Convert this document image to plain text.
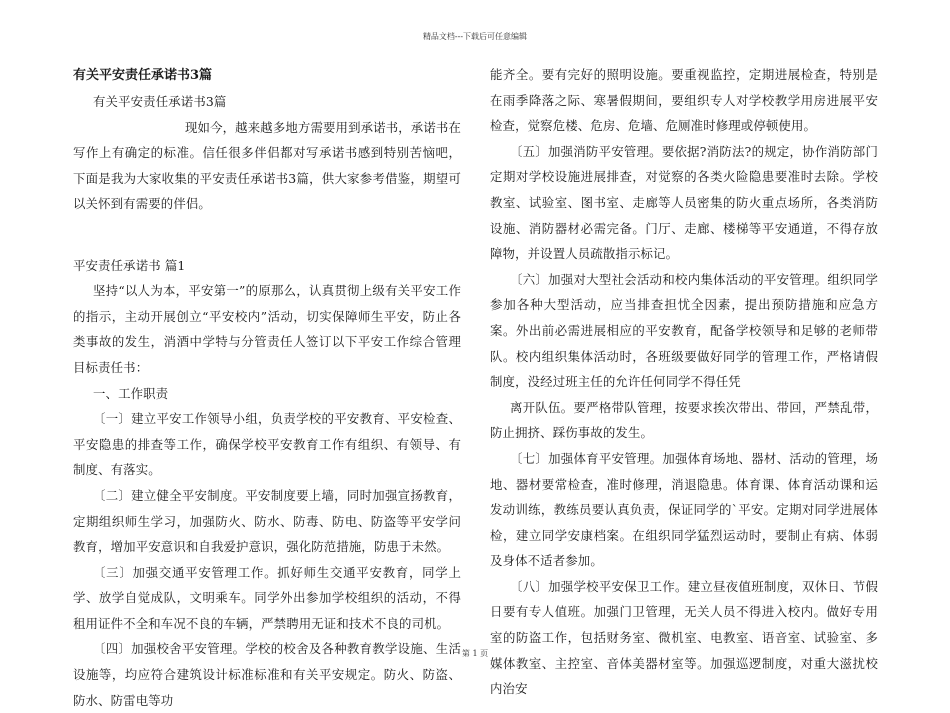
精品文档---下载后可任意编辑

有关平安责任承诺书3篇

有关平安责任承诺书3篇

现如今，越来越多地方需要用到承诺书，承诺书在写作上有确定的标准。信任很多伴侣都对写承诺书感到特别苦恼吧，下面是我为大家收集的平安责任承诺书3篇，供大家参考借鉴，期望可以关怀到有需要的伴侣。

平安责任承诺书 篇1

坚持“以人为本，平安第一”的原那么，认真贯彻上级有关平安工作的指示，主动开展创立“平安校内”活动，切实保障师生平安，防止各类事故的发生，消酒中学特与分管责任人签订以下平安工作综合管理目标责任书：

一、工作职责

〔一〕建立平安工作领导小组，负责学校的平安教育、平安检查、平安隐患的排查等工作，确保学校平安教育工作有组织、有领导、有制度、有落实。

〔二〕建立健全平安制度。平安制度要上墙，同时加强宣扬教育，定期组织师生学习，加强防火、防水、防毒、防电、防盗等平安学问教育，增加平安意识和自我爱护意识，强化防范措施，防患于未然。

〔三〕加强交通平安管理工作。抓好师生交通平安教育，同学上学、放学自觉成队，文明乘车。同学外出参加学校组织的活动，不得租用证件不全和车况不良的车辆，严禁聘用无证和技术不良的司机。

〔四〕加强校舍平安管理。学校的校舍及各种教育教学设施、生活设施等，均应符合建筑设计标准标准和有关平安规定。防火、防盗、防水、防雷电等功

能齐全。要有完好的照明设施。要重视监控，定期进展检查，特别是在雨季降落之际、寒暑假期间，要组织专人对学校教学用房进展平安检查，觉察危楼、危房、危墙、危厕准时修理或停顿使用。

〔五〕加强消防平安管理。要依据?消防法?的规定，协作消防部门定期对学校设施进展排查，对觉察的各类火险隐患要准时去除。学校教室、试验室、图书室、走廊等人员密集的防火重点场所，各类消防设施、消防器材必需完备。门厅、走廊、楼梯等平安通道，不得存放障物，并设置人员疏散指示标记。

〔六〕加强对大型社会活动和校内集体活动的平安管理。组织同学参加各种大型活动，应当排查担忧全因素，提出预防措施和应急方案。外出前必需进展相应的平安教育，配备学校领导和足够的老师带队。校内组织集体活动时，各班级要做好同学的管理工作，严格请假制度，没经过班主任的允许任何同学不得任凭

离开队伍。要严格带队管理，按要求挨次带出、带回，严禁乱带，防止拥挤、踩伤事故的发生。

〔七〕加强体育平安管理。加强体育场地、器材、活动的管理，场地、器材要常检查，准时修理，消退隐患。体育课、体育活动课和运发动训练，教练员要认真负责，保证同学的`平安。定期对同学进展体检，建立同学安康档案。在组织同学猛烈运动时，要制止有病、体弱及身体不适者参加。

〔八〕加强学校平安保卫工作。建立昼夜值班制度，双休日、节假日要有专人值班。加强门卫管理，无关人员不得进入校内。做好专用室的防盗工作，包括财务室、微机室、电教室、语音室、试验室、多媒体教室、主控室、音体美器材室等。加强巡逻制度，对重大滋扰校内治安

第 1 页
